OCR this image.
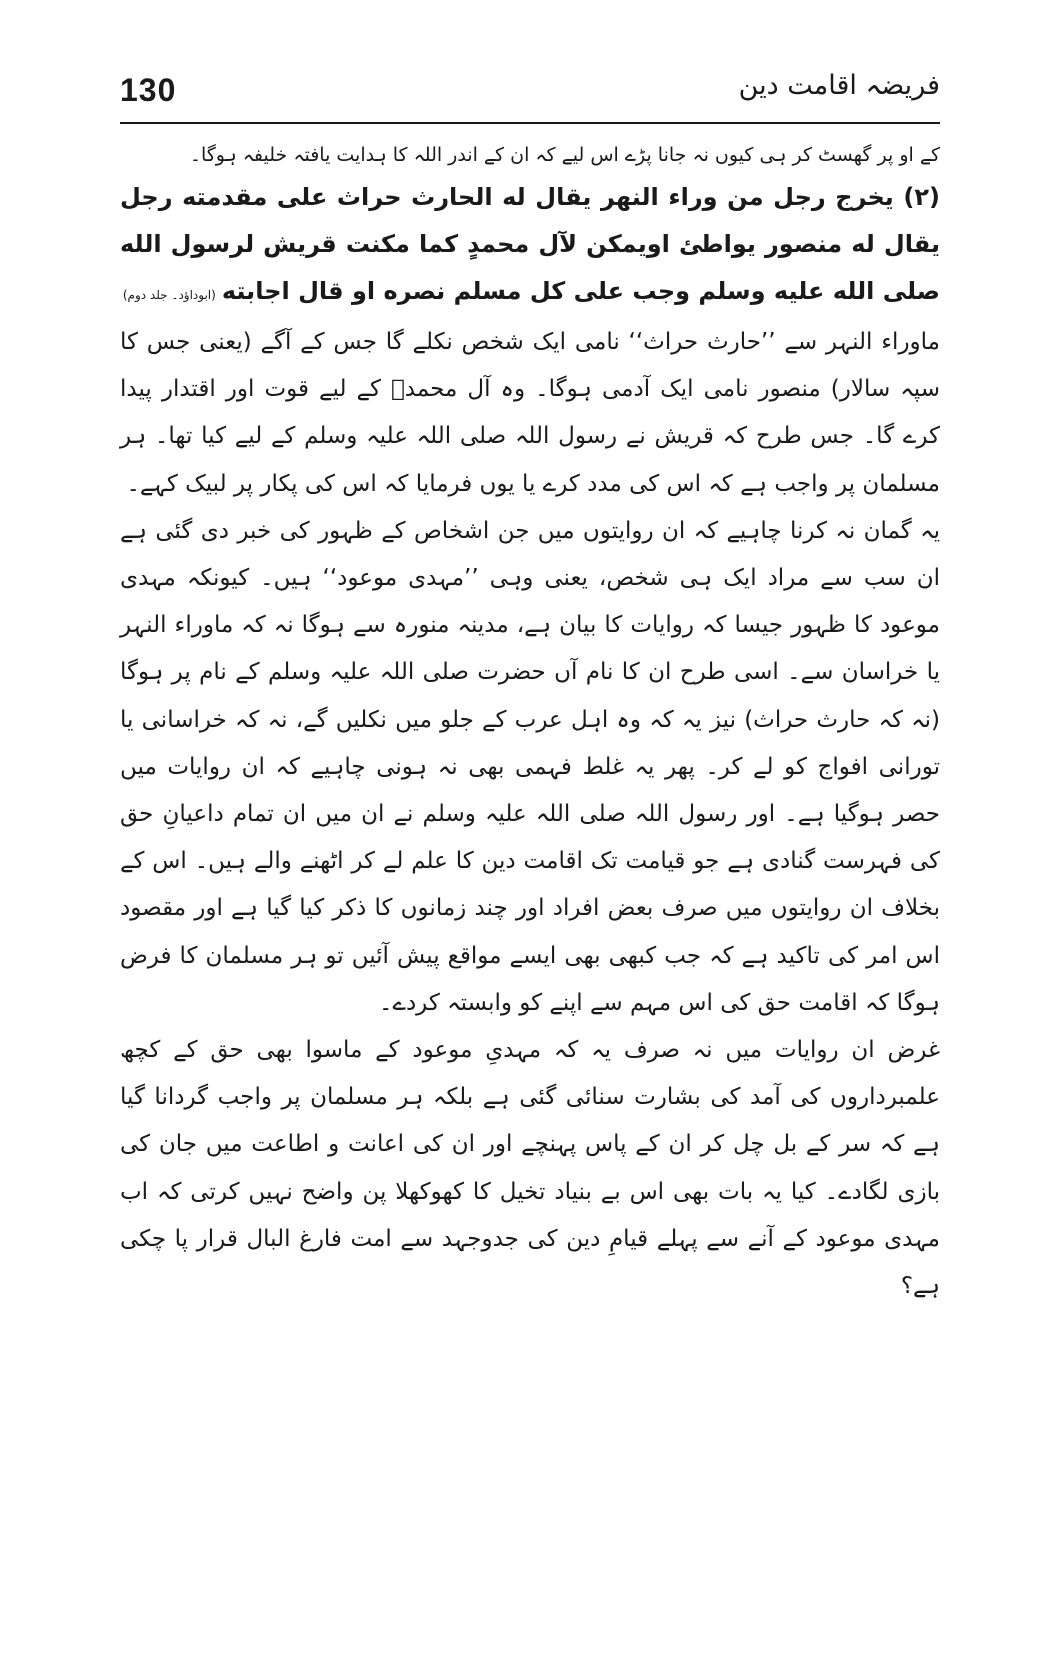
130	فریضہ اقامت دین

کے او پر گھسٹ کر ہی کیوں نہ جانا پڑے اس لیے کہ ان کے اندر اللہ کا ہدایت یافتہ خلیفہ ہوگا۔

(۲) يخرج رجل من وراء النهر يقال له الحارث حراث على مقدمته رجل يقال له منصور يواطئ اويمكن لآل محمدٍ كما مكنت قريش لرسول الله صلى الله عليه وسلم وجب على كل مسلم نصره او قال اجابته(ابوداؤد۔ جلد دوم)

ماوراء النہر سے ’’حارث حراث‘‘ نامی ایک شخص نکلے گا جس کے آگے (یعنی جس کا سپہ سالار) منصور نامی ایک آدمی ہوگا۔ وہ آل محمدؐ کے لیے قوت اور اقتدار پیدا کرے گا۔ جس طرح کہ قریش نے رسول اللہ صلی اللہ علیہ وسلم کے لیے کیا تھا۔ ہر مسلمان پر واجب ہے کہ اس کی مدد کرے یا یوں فرمایا کہ اس کی پکار پر لبیک کہے۔

یہ گمان نہ کرنا چاہیے کہ ان روایتوں میں جن اشخاص کے ظہور کی خبر دی گئی ہے ان سب سے مراد ایک ہی شخص، یعنی وہی ’’مہدی موعود‘‘ ہیں۔ کیونکہ مہدی موعود کا ظہور جیسا کہ روایات کا بیان ہے، مدینہ منورہ سے ہوگا نہ کہ ماوراء النہر یا خراسان سے۔ اسی طرح ان کا نام آں حضرت صلی اللہ علیہ وسلم کے نام پر ہوگا (نہ کہ حارث حراث) نیز یہ کہ وہ اہل عرب کے جلو میں نکلیں گے، نہ کہ خراسانی یا تورانی افواج کو لے کر۔ پھر یہ غلط فہمی بھی نہ ہونی چاہیے کہ ان روایات میں حصر ہوگیا ہے۔ اور رسول اللہ صلی اللہ علیہ وسلم نے ان میں ان تمام داعیانِ حق کی فہرست گنادی ہے جو قیامت تک اقامت دین کا علم لے کر اٹھنے والے ہیں۔ اس کے بخلاف ان روایتوں میں صرف بعض افراد اور چند زمانوں کا ذکر کیا گیا ہے اور مقصود اس امر کی تاکید ہے کہ جب کبھی بھی ایسے مواقع پیش آئیں تو ہر مسلمان کا فرض ہوگا کہ اقامت حق کی اس مہم سے اپنے کو وابستہ کردے۔

غرض ان روایات میں نہ صرف یہ کہ مہدیِ موعود کے ماسوا بھی حق کے کچھ علمبرداروں کی آمد کی بشارت سنائی گئی ہے بلکہ ہر مسلمان پر واجب گردانا گیا ہے کہ سر کے بل چل کر ان کے پاس پہنچے اور ان کی اعانت و اطاعت میں جان کی بازی لگادے۔ کیا یہ بات بھی اس بے بنیاد تخیل کا کھوکھلا پن واضح نہیں کرتی کہ اب مہدی موعود کے آنے سے پہلے قیامِ دین کی جدوجہد سے امت فارغ البال قرار پا چکی ہے؟
